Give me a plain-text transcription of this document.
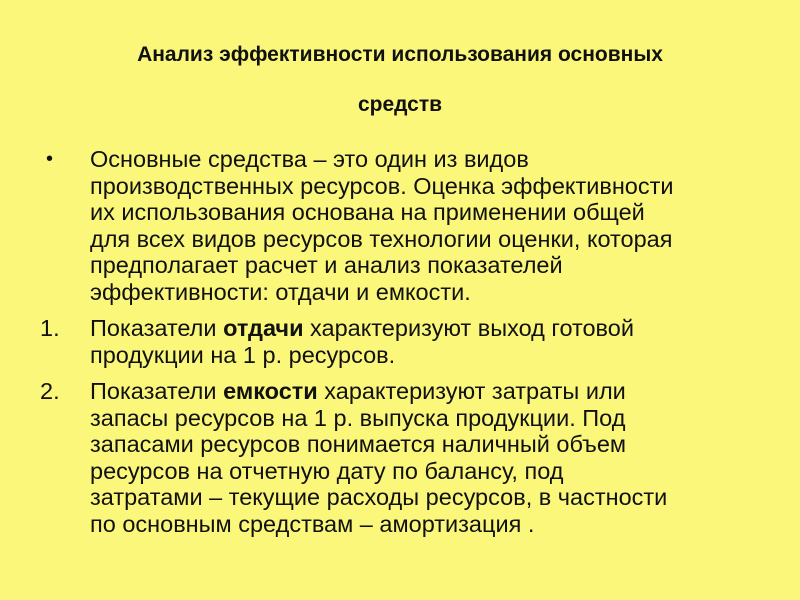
Анализ эффективности использования основных
средств
•	Основные средства – это один из видов
производственных ресурсов. Оценка эффективности
их использования основана на применении общей
для всех видов ресурсов технологии оценки, которая
предполагает расчет и анализ показателей
эффективности: отдачи и емкости.
1.	Показатели отдачи характеризуют выход готовой
продукции на 1 р. ресурсов.
2.	Показатели емкости характеризуют затраты или
запасы ресурсов на 1 р. выпуска продукции. Под
запасами ресурсов понимается наличный объем
ресурсов на отчетную дату по балансу, под
затратами – текущие расходы ресурсов, в частности
по основным средствам – амортизация .
